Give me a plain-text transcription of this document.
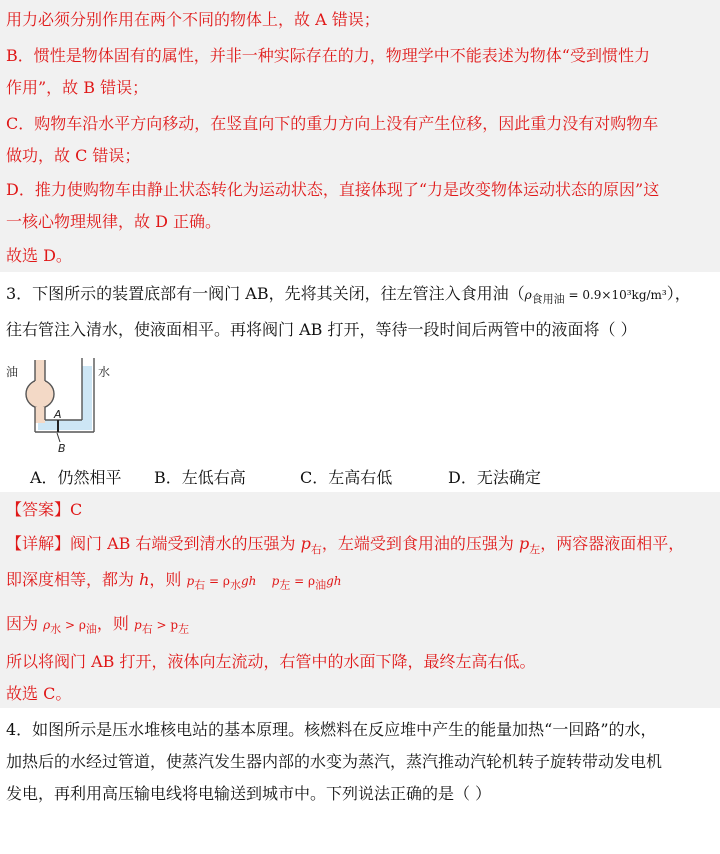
用力必须分别作用在两个不同的物体上，故 A 错误；
B．惯性是物体固有的属性，并非一种实际存在的力，物理学中不能表述为物体“受到惯性力
作用”，故 B 错误；
C．购物车沿水平方向移动，在竖直向下的重力方向上没有产生位移，因此重力没有对购物车
做功，故 C 错误；
D．推力使购物车由静止状态转化为运动状态，直接体现了“力是改变物体运动状态的原因”这
一核心物理规律，故 D 正确。
故选 D。
3．下图所示的装置底部有一阀门 AB，先将其关闭，往左管注入食用油$(\rho_{食用油} = 0.9\times 10^3kg/m^3)$，
往右管注入清水，使液面相平。再将阀门 AB 打开，等待一段时间后两管中的液面将（ ）
油	水
A
B
A．仍然相平 B．左低右高	C．左高右低	D．无法确定
【答案】C
【详解】阀门 AB 右端受到清水的压强为 $p_右$，左端受到食用油的压强为 $p_左$，两容器液面相平，
即深度相等，都为 h，则 $p_右 = \rho_水gh$ $p_左 = \rho_油gh$
因为 $\rho_水 > \rho_油$，则 $p_右 > p_左$
所以将阀门 AB 打开，液体向左流动，右管中的水面下降，最终左高右低。
故选 C。
4．如图所示是压水堆核电站的基本原理。核燃料在反应堆中产生的能量加热“一回路”的水，
加热后的水经过管道，使蒸汽发生器内部的水变为蒸汽，蒸汽推动汽轮机转子旋转带动发电机
发电，再利用高压输电线将电输送到城市中。下列说法正确的是（ ）
